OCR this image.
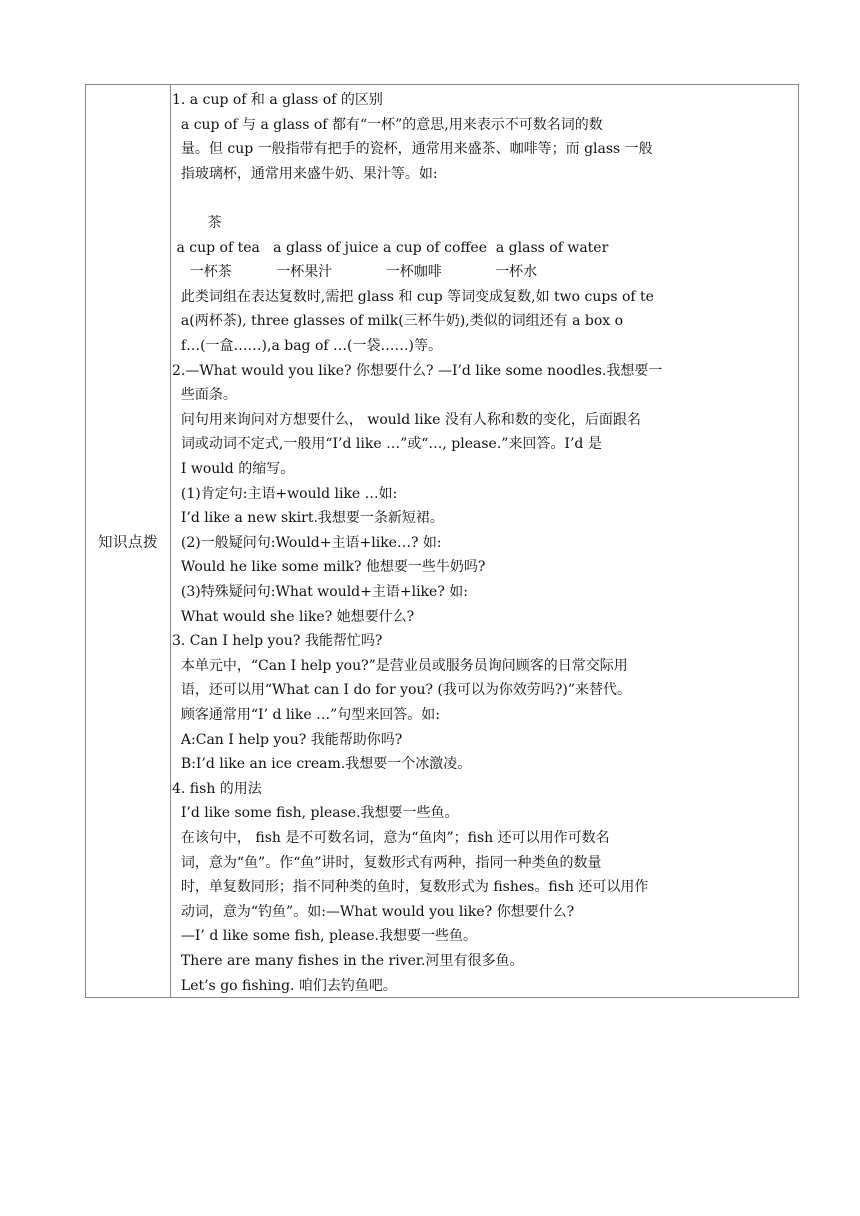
知识点拨
1. a cup of 和 a glass of 的区别
a cup of 与 a glass of 都有“一杯”的意思,用来表示不可数名词的数
量。但 cup 一般指带有把手的瓷杯，通常用来盛茶、咖啡等；而 glass 一般
指玻璃杯，通常用来盛牛奶、果汁等。如:
茶
a cup of tea   a glass of juice a cup of coffee  a glass of water
一杯茶          一杯果汁            一杯咖啡            一杯水
此类词组在表达复数时,需把 glass 和 cup 等词变成复数,如 two cups of te
a(两杯茶), three glasses of milk(三杯牛奶),类似的词组还有 a box o
f…(一盒……),a bag of …(一袋……)等。
2.—What would you like? 你想要什么? —I’d like some noodles.我想要一
些面条。
问句用来询问对方想要什么， would like 没有人称和数的变化，后面跟名
词或动词不定式,一般用“I’d like …”或“…, please.”来回答。I’d 是
I would 的缩写。
(1)肯定句:主语+would like …如:
I’d like a new skirt.我想要一条新短裙。
(2)一般疑问句:Would+主语+like…? 如:
Would he like some milk? 他想要一些牛奶吗?
(3)特殊疑问句:What would+主语+like? 如:
What would she like? 她想要什么?
3. Can I help you? 我能帮忙吗?
本单元中，“Can I help you?”是营业员或服务员询问顾客的日常交际用
语，还可以用“What can I do for you? (我可以为你效劳吗?)”来替代。
顾客通常用“I’ d like …”句型来回答。如:
A:Can I help you? 我能帮助你吗?
B:I’d like an ice cream.我想要一个冰激凌。
4. fish 的用法
I’d like some fish, please.我想要一些鱼。
在该句中， fish 是不可数名词，意为“鱼肉”；fish 还可以用作可数名
词，意为“鱼”。作“鱼”讲时，复数形式有两种，指同一种类鱼的数量
时，单复数同形；指不同种类的鱼时，复数形式为 fishes。fish 还可以用作
动词，意为“钓鱼”。如:—What would you like? 你想要什么?
—I’ d like some fish, please.我想要一些鱼。
There are many fishes in the river.河里有很多鱼。
Let’s go fishing. 咱们去钓鱼吧。
